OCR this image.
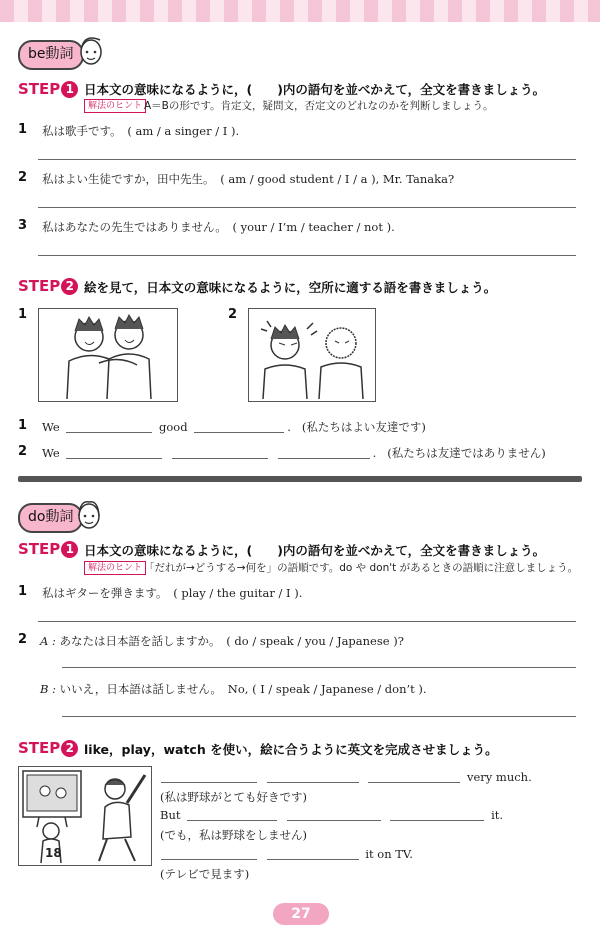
be動詞
STEP 1 日本文の意味になるように，(　　)内の語句を並べかえて，全文を書きましょう。
解法のヒント A＝Bの形です。肯定文，疑問文，否定文のどれなのかを判断しましょう。
1 私は歌手です。　( am / a singer / I ).
2 私はよい生徒ですか，田中先生。　( am / good student / I / a ), Mr. Tanaka?
3 私はあなたの先生ではありません。　( your / I’m / teacher / not ).
STEP 2 絵を見て，日本文の意味になるように，空所に適する語を書きましょう。
1	2
1 We	good	. (私たちはよい友達です)
2 We	. (私たちは友達ではありません)
do動詞
STEP 1 日本文の意味になるように，(　　)内の語句を並べかえて，全文を書きましょう。
解法のヒント 「だれが→どうする→何を」の語順です。do や don't があるときの語順に注意しましょう。
1 私はギターを弾きます。　( play / the guitar / I ).
2 A : あなたは日本語を話しますか。　( do / speak / you / Japanese )?
B : いいえ，日本語は話しません。　No, ( I / speak / Japanese / don’t ).
STEP 2 like，play，watch を使い，絵に合うように英文を完成させましょう。
18
very much.
(私は野球がとても好きです)
But	it.
(でも，私は野球をしません)
it on TV.
(テレビで見ます)
27
